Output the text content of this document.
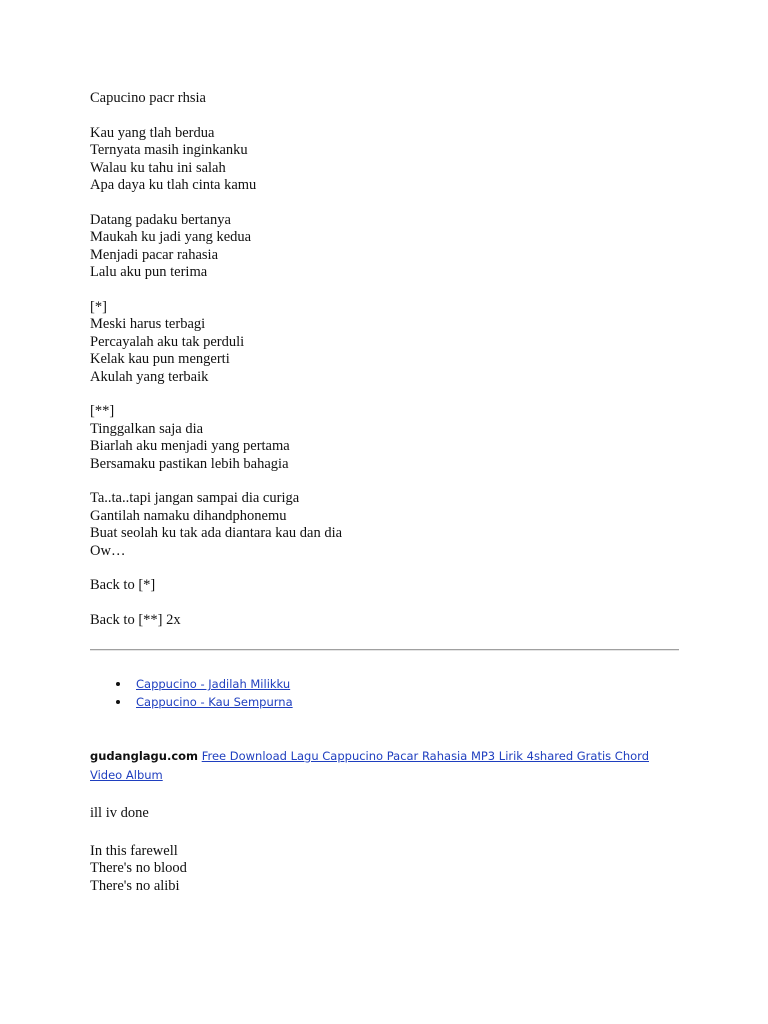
Capucino pacr rhsia
Kau yang tlah berdua
Ternyata masih inginkanku
Walau ku tahu ini salah
Apa daya ku tlah cinta kamu
Datang padaku bertanya
Maukah ku jadi yang kedua
Menjadi pacar rahasia
Lalu aku pun terima
[*]
Meski harus terbagi
Percayalah aku tak perduli
Kelak kau pun mengerti
Akulah yang terbaik
[**]
Tinggalkan saja dia
Biarlah aku menjadi yang pertama
Bersamaku pastikan lebih bahagia
Ta..ta..tapi jangan sampai dia curiga
Gantilah namaku dihandphonemu
Buat seolah ku tak ada diantara kau dan dia
Ow…
Back to [*]
Back to [**] 2x
Cappucino - Jadilah Milikku
Cappucino - Kau Sempurna
gudanglagu.com Free Download Lagu Cappucino Pacar Rahasia MP3 Lirik 4shared Gratis Chord Video Album
ill iv done
In this farewell
There's no blood
There's no alibi
